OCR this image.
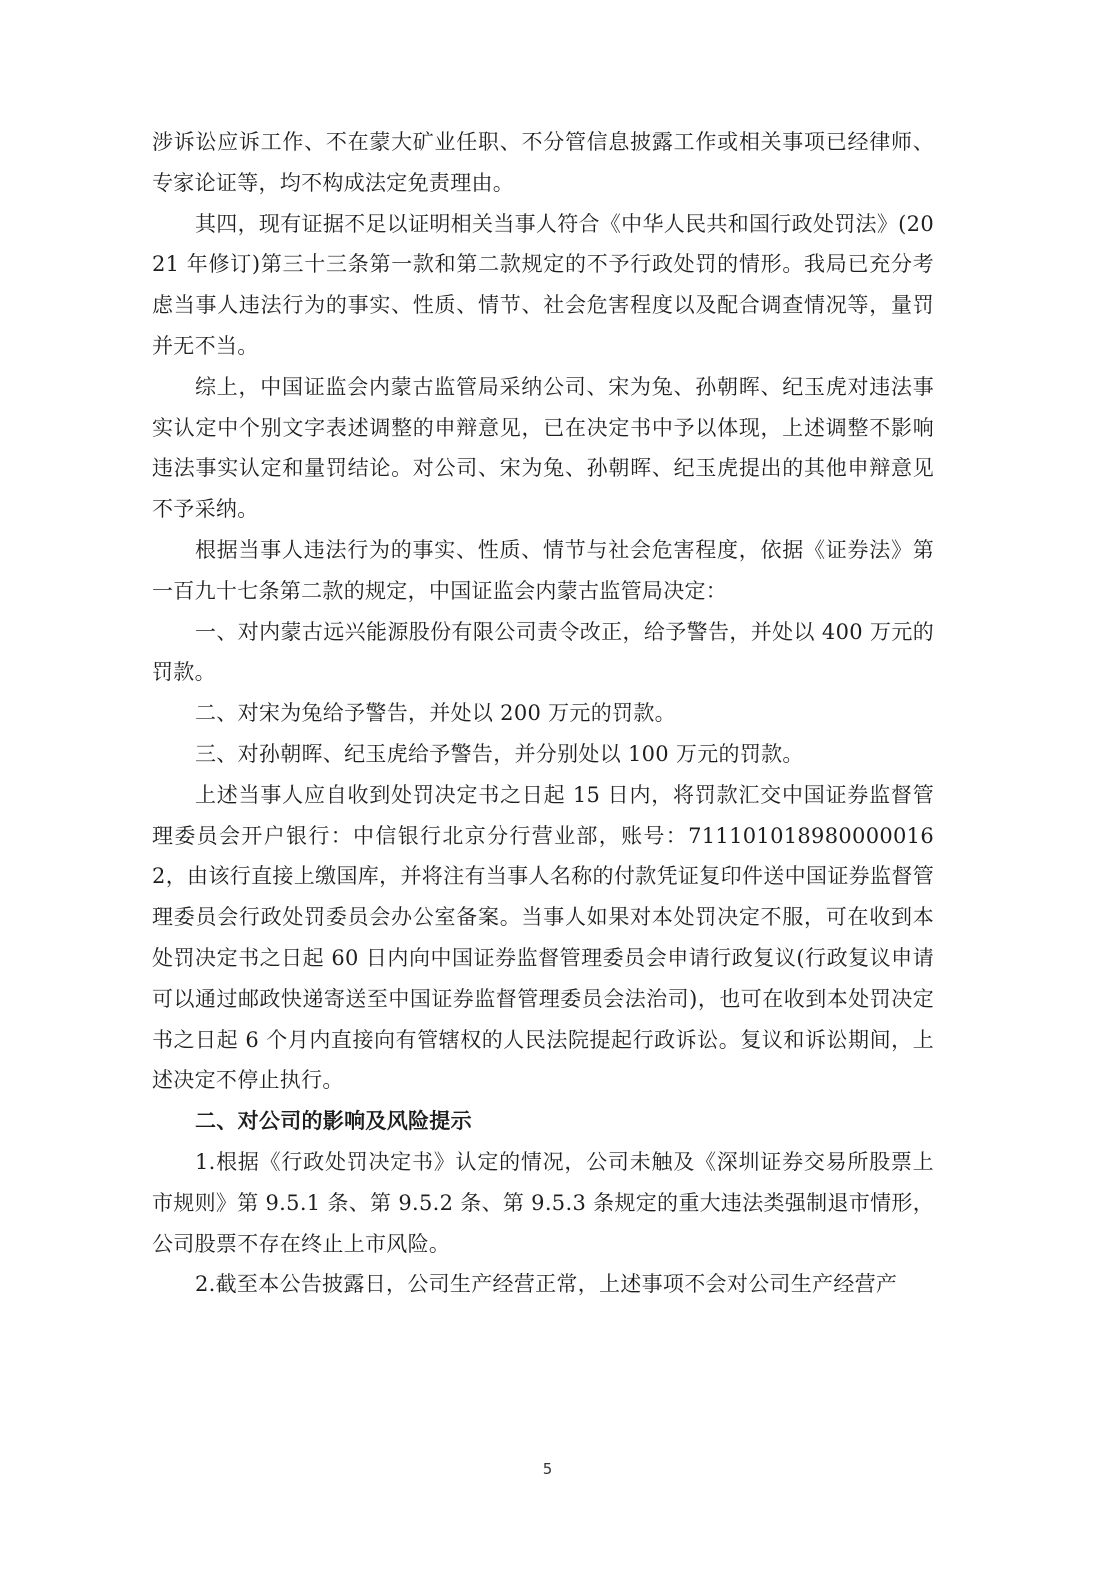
涉诉讼应诉工作、不在蒙大矿业任职、不分管信息披露工作或相关事项已经律师、专家论证等，均不构成法定免责理由。

其四，现有证据不足以证明相关当事人符合《中华人民共和国行政处罚法》(2021 年修订)第三十三条第一款和第二款规定的不予行政处罚的情形。我局已充分考虑当事人违法行为的事实、性质、情节、社会危害程度以及配合调查情况等，量罚并无不当。

综上，中国证监会内蒙古监管局采纳公司、宋为兔、孙朝晖、纪玉虎对违法事实认定中个别文字表述调整的申辩意见，已在决定书中予以体现，上述调整不影响违法事实认定和量罚结论。对公司、宋为兔、孙朝晖、纪玉虎提出的其他申辩意见不予采纳。

根据当事人违法行为的事实、性质、情节与社会危害程度，依据《证券法》第一百九十七条第二款的规定，中国证监会内蒙古监管局决定：

一、对内蒙古远兴能源股份有限公司责令改正，给予警告，并处以 400 万元的罚款。

二、对宋为兔给予警告，并处以 200 万元的罚款。

三、对孙朝晖、纪玉虎给予警告，并分别处以 100 万元的罚款。

上述当事人应自收到处罚决定书之日起 15 日内，将罚款汇交中国证券监督管理委员会开户银行：中信银行北京分行营业部，账号：7111010189800000162，由该行直接上缴国库，并将注有当事人名称的付款凭证复印件送中国证券监督管理委员会行政处罚委员会办公室备案。当事人如果对本处罚决定不服，可在收到本处罚决定书之日起 60 日内向中国证券监督管理委员会申请行政复议(行政复议申请可以通过邮政快递寄送至中国证券监督管理委员会法治司)，也可在收到本处罚决定书之日起 6 个月内直接向有管辖权的人民法院提起行政诉讼。复议和诉讼期间，上述决定不停止执行。

二、对公司的影响及风险提示

1.根据《行政处罚决定书》认定的情况，公司未触及《深圳证券交易所股票上市规则》第 9.5.1 条、第 9.5.2 条、第 9.5.3 条规定的重大违法类强制退市情形，公司股票不存在终止上市风险。

2.截至本公告披露日，公司生产经营正常，上述事项不会对公司生产经营产

5
